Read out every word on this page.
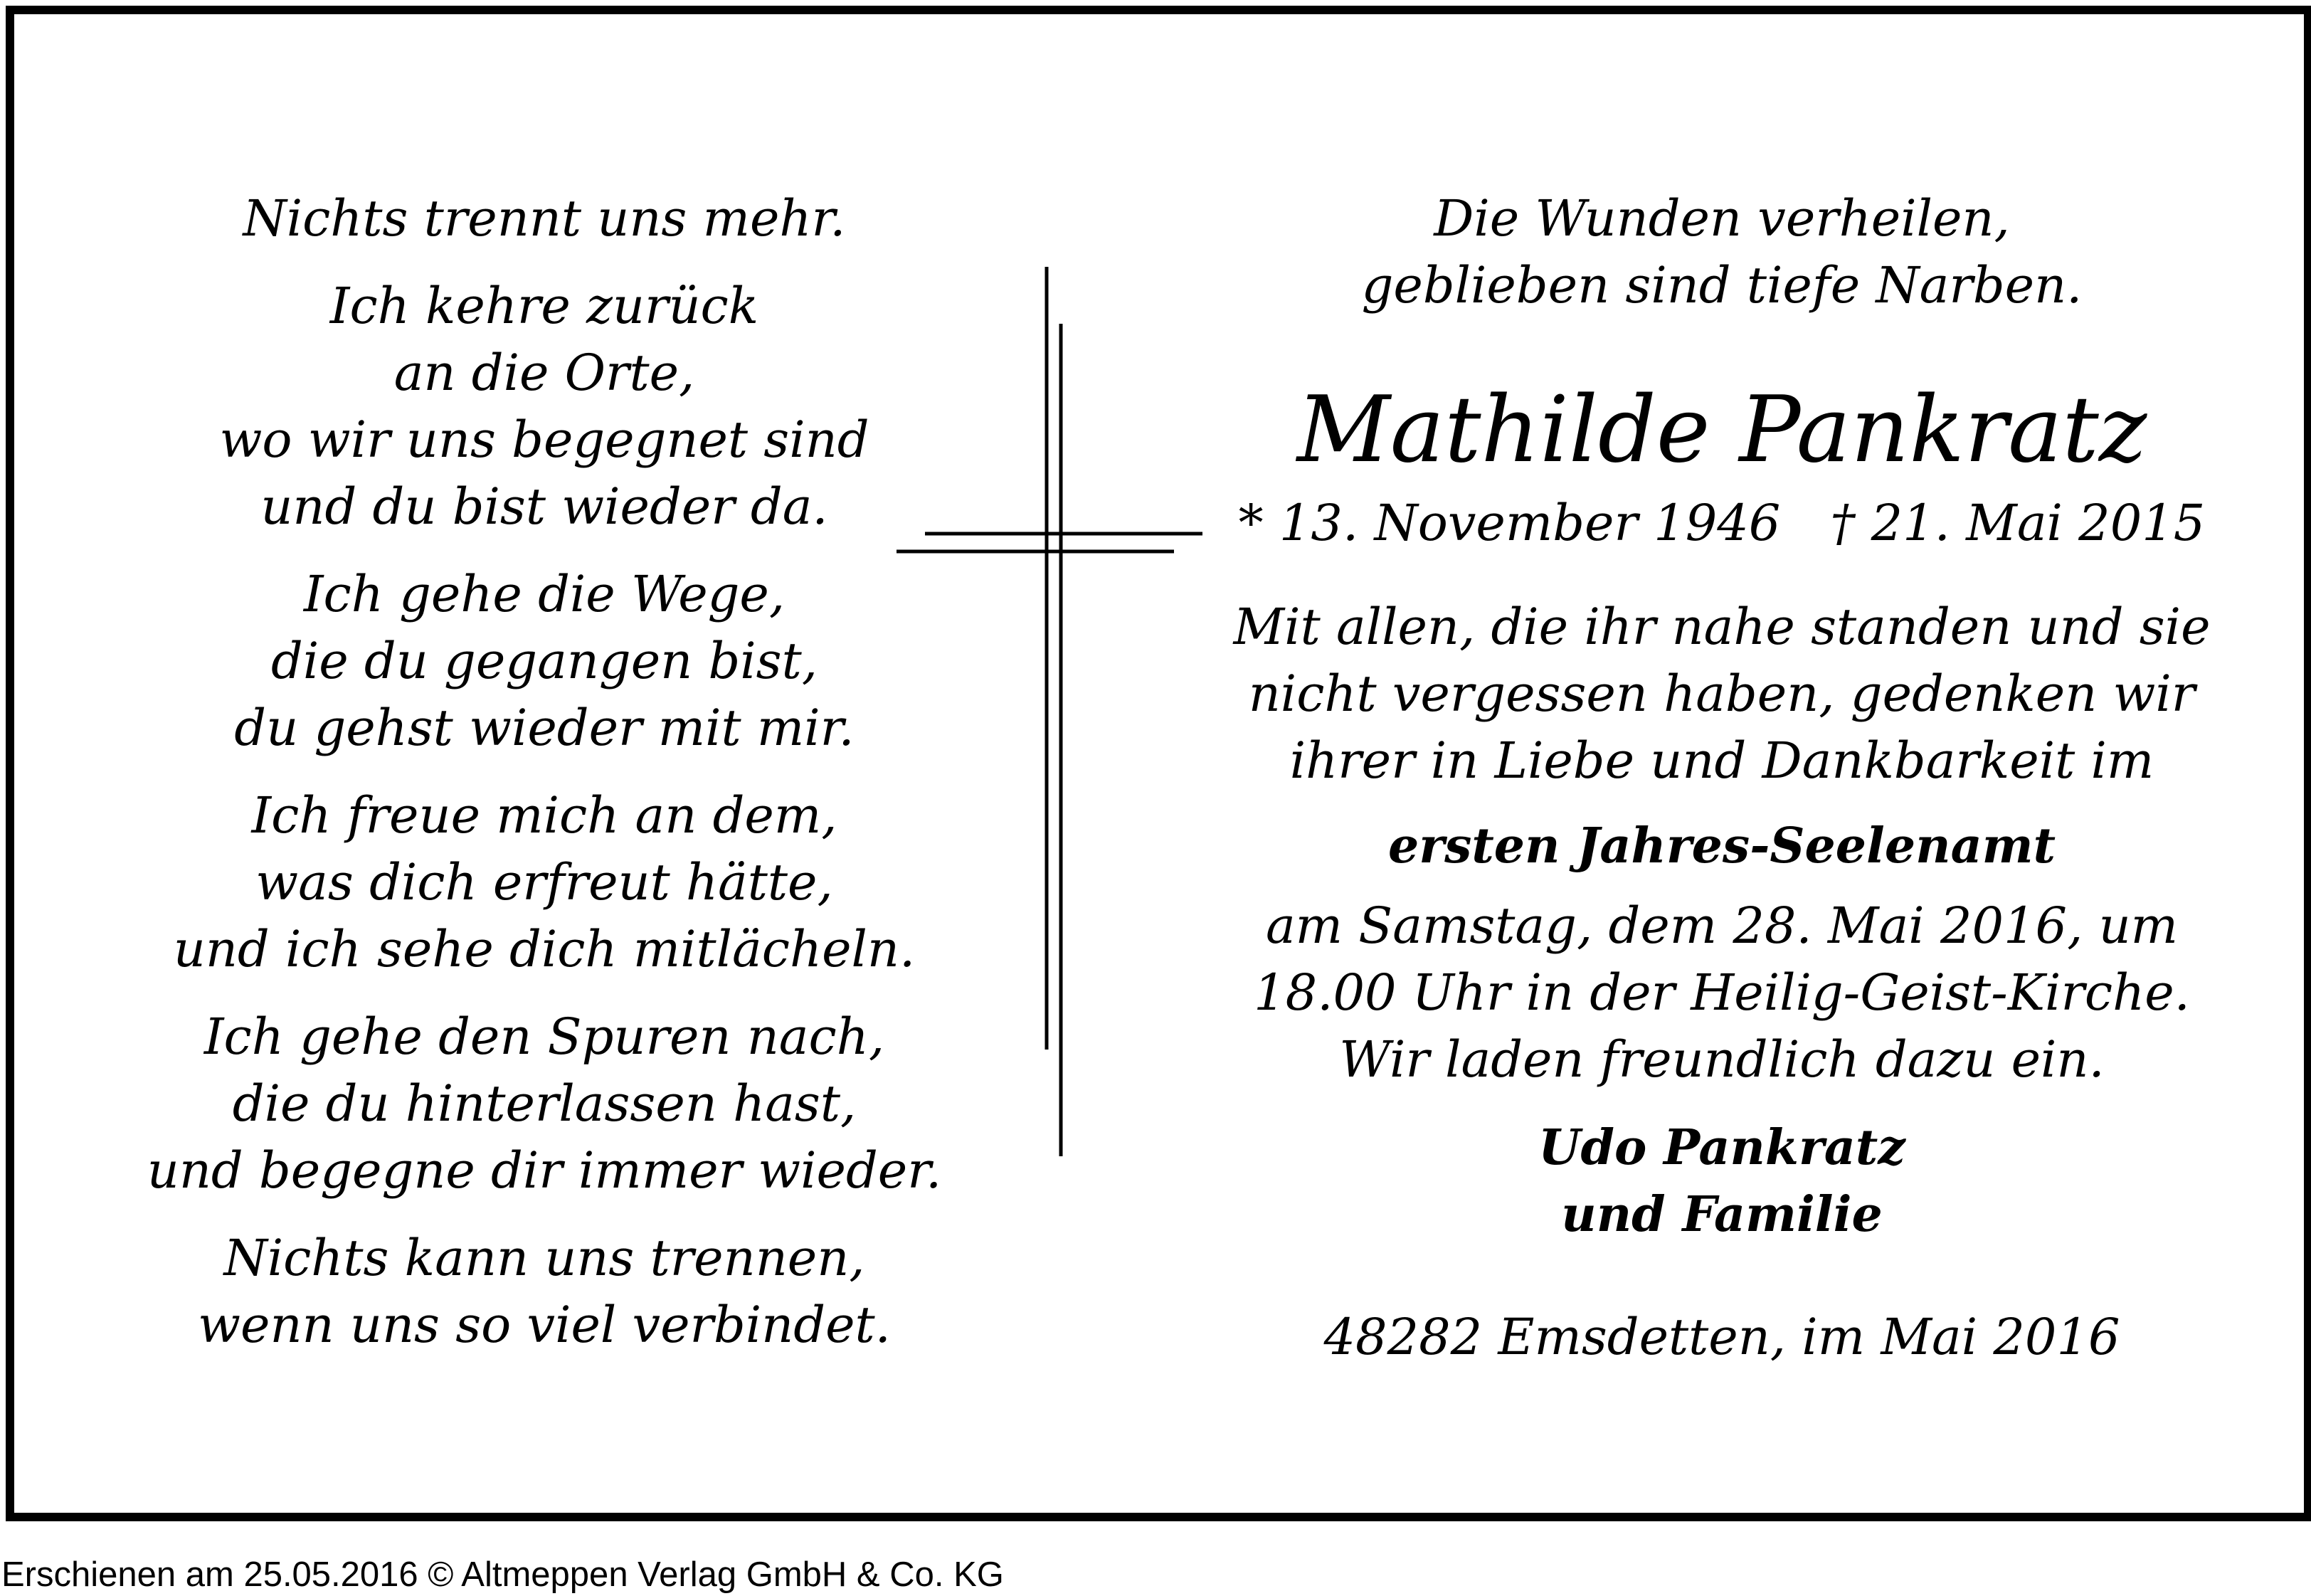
Nichts trennt uns mehr.

Ich kehre zurück
an die Orte,
wo wir uns begegnet sind
und du bist wieder da.

Ich gehe die Wege,
die du gegangen bist,
du gehst wieder mit mir.

Ich freue mich an dem,
was dich erfreut hätte,
und ich sehe dich mitlächeln.

Ich gehe den Spuren nach,
die du hinterlassen hast,
und begegne dir immer wieder.

Nichts kann uns trennen,
wenn uns so viel verbindet.

Die Wunden verheilen,
geblieben sind tiefe Narben.
Mathilde Pankratz
* 13. November 1946 † 21. Mai 2015
Mit allen, die ihr nahe standen und sie
nicht vergessen haben, gedenken wir
ihrer in Liebe und Dankbarkeit im
ersten Jahres-Seelenamt
am Samstag, dem 28. Mai 2016, um
18.00 Uhr in der Heilig-Geist-Kirche.
Wir laden freundlich dazu ein.
Udo Pankratz
und Familie
48282 Emsdetten, im Mai 2016
Erschienen am 25.05.2016 © Altmeppen Verlag GmbH & Co. KG
